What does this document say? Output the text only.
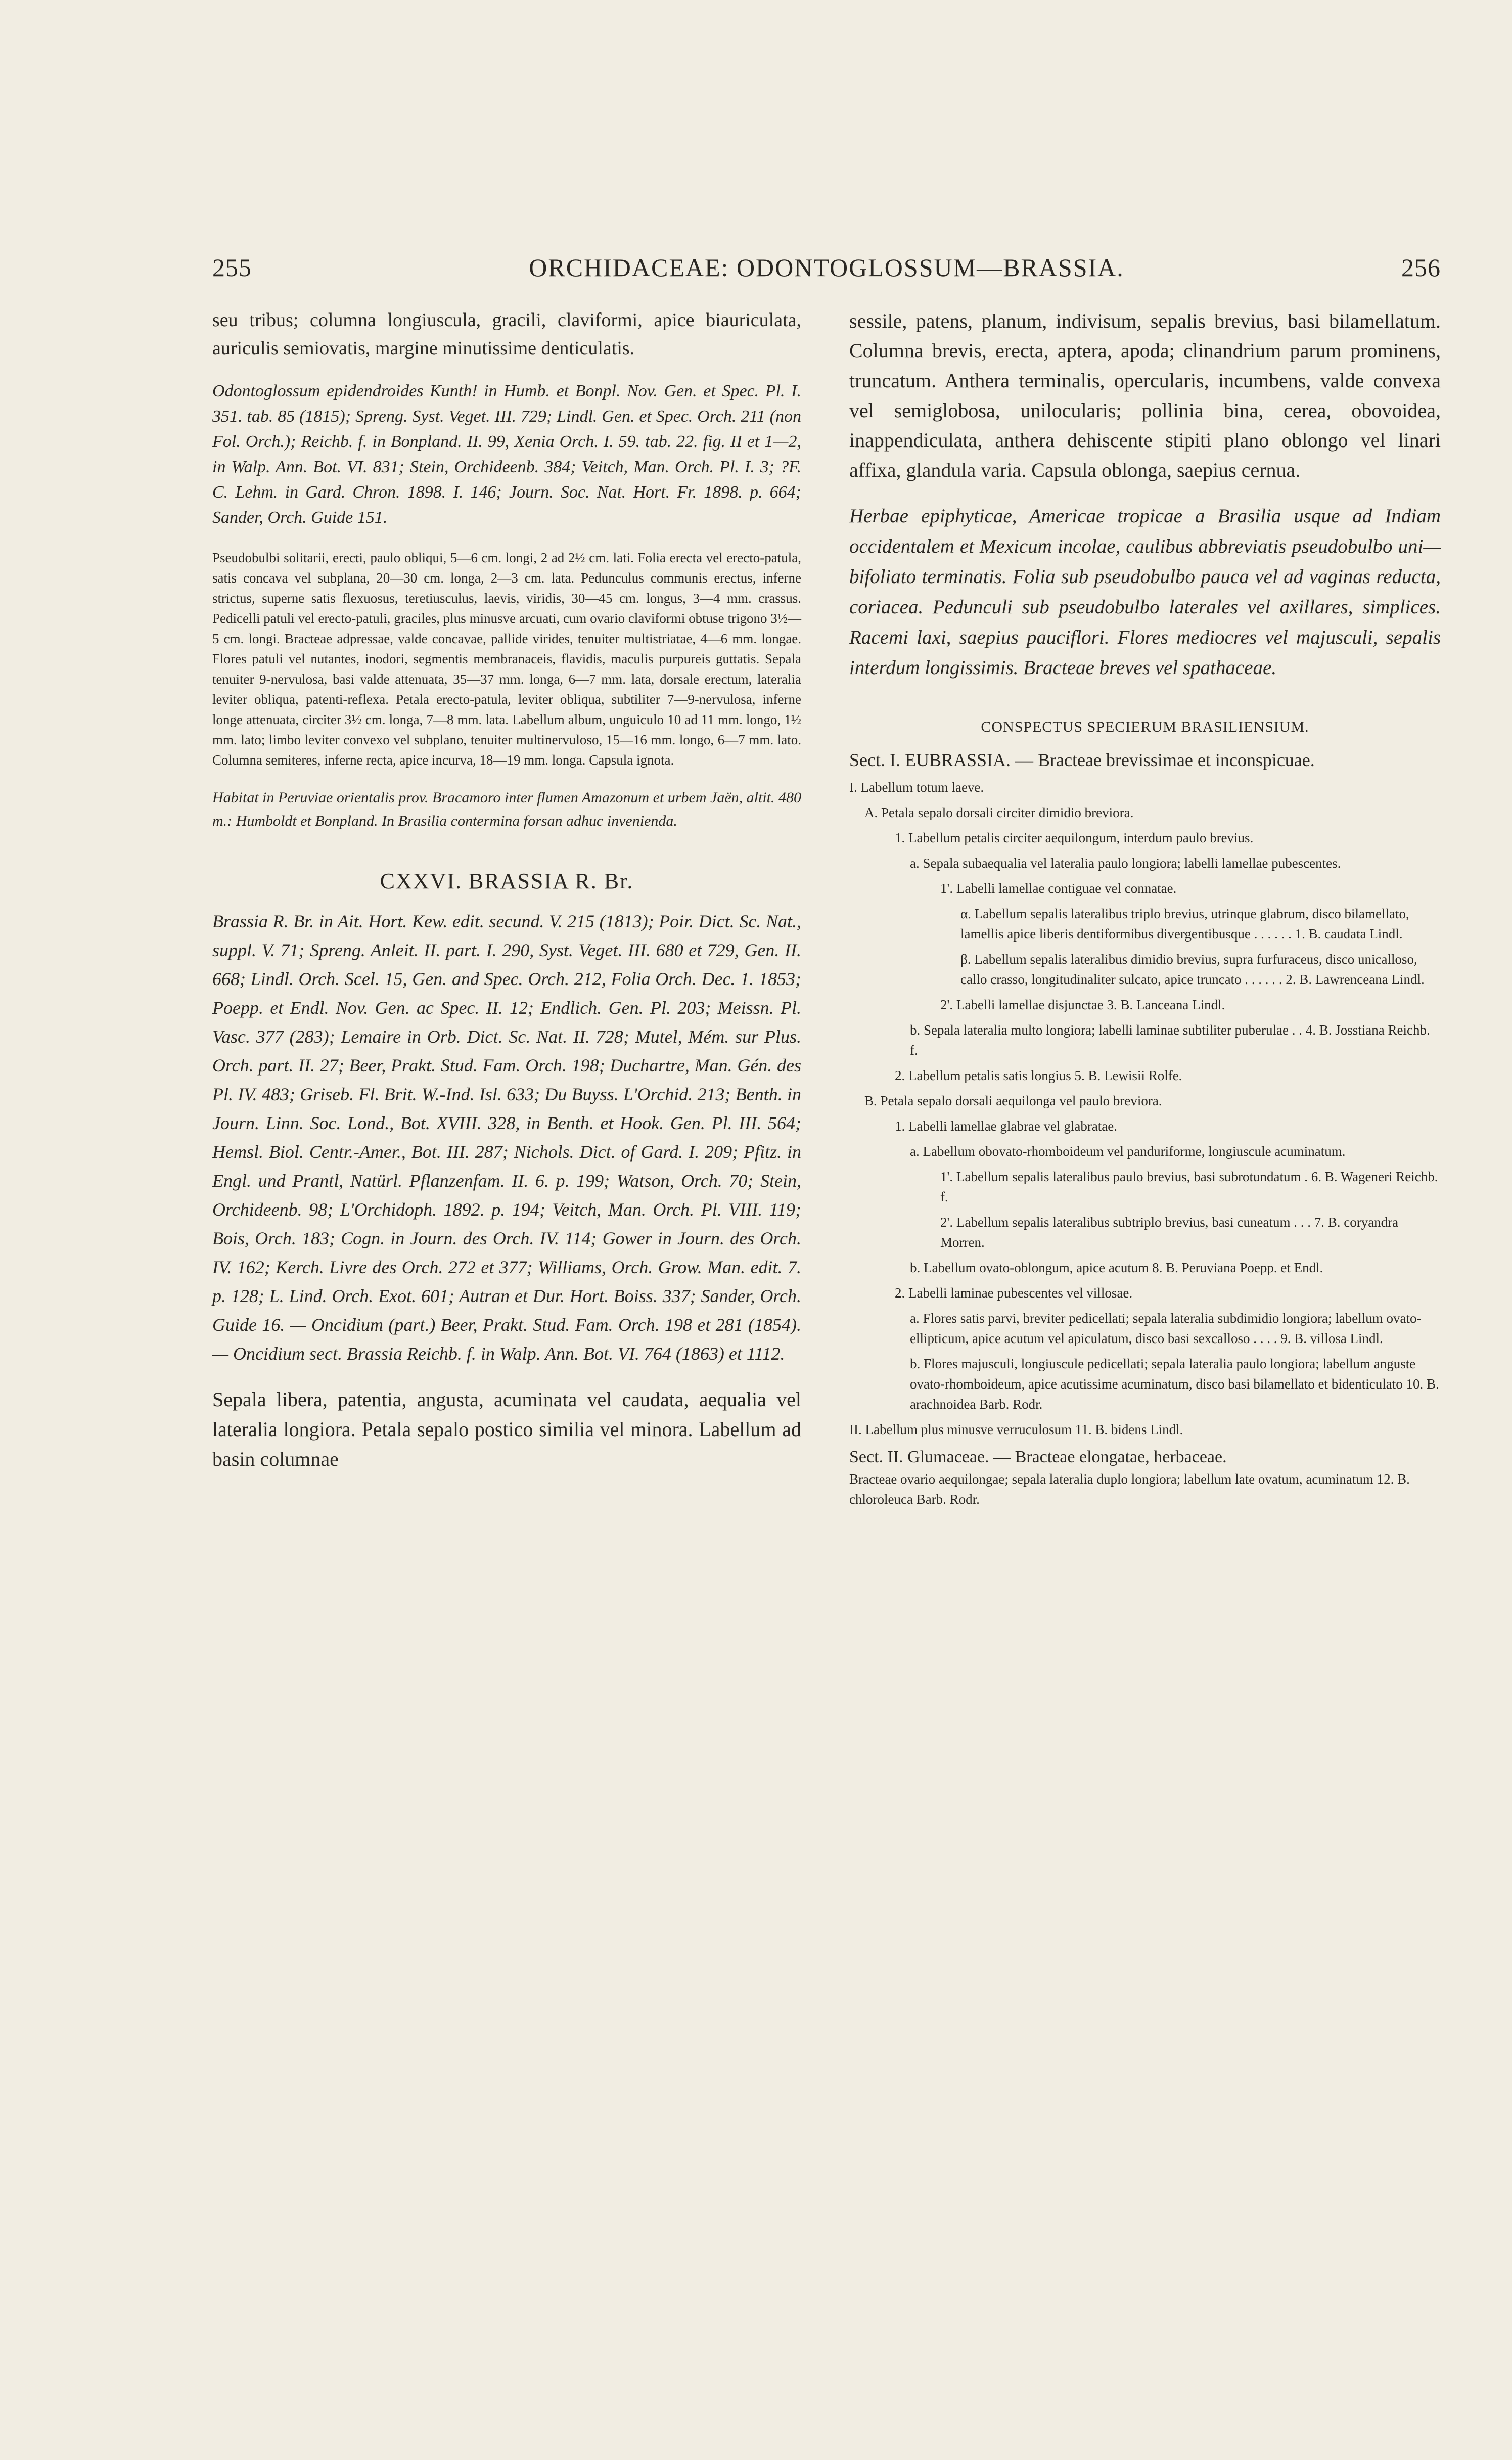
255	ORCHIDACEAE: ODONTOGLOSSUM—BRASSIA.	256

seu tribus; columna longiuscula, gracili, claviformi, apice biauriculata, auriculis semiovatis, margine minutissime denticulatis.

Odontoglossum epidendroides Kunth! in Humb. et Bonpl. Nov. Gen. et Spec. Pl. I. 351. tab. 85 (1815); Spreng. Syst. Veget. III. 729; Lindl. Gen. et Spec. Orch. 211 (non Fol. Orch.); Reichb. f. in Bonpland. II. 99, Xenia Orch. I. 59. tab. 22. fig. II et 1—2, in Walp. Ann. Bot. VI. 831; Stein, Orchideenb. 384; Veitch, Man. Orch. Pl. I. 3; ?F. C. Lehm. in Gard. Chron. 1898. I. 146; Journ. Soc. Nat. Hort. Fr. 1898. p. 664; Sander, Orch. Guide 151.

Pseudobulbi solitarii, erecti, paulo obliqui, 5—6 cm. longi, 2 ad 2½ cm. lati. Folia erecta vel erecto-patula, satis concava vel subplana, 20—30 cm. longa, 2—3 cm. lata. Pedunculus communis erectus, inferne strictus, superne satis flexuosus, teretiusculus, laevis, viridis, 30—45 cm. longus, 3—4 mm. crassus. Pedicelli patuli vel erecto-patuli, graciles, plus minusve arcuati, cum ovario claviformi obtuse trigono 3½—5 cm. longi. Bracteae adpressae, valde concavae, pallide virides, tenuiter multistriatae, 4—6 mm. longae. Flores patuli vel nutantes, inodori, segmentis membranaceis, flavidis, maculis purpureis guttatis. Sepala tenuiter 9-nervulosa, basi valde attenuata, 35—37 mm. longa, 6—7 mm. lata, dorsale erectum, lateralia leviter obliqua, patenti-reflexa. Petala erecto-patula, leviter obliqua, subtiliter 7—9-nervulosa, inferne longe attenuata, circiter 3½ cm. longa, 7—8 mm. lata. Labellum album, unguiculo 10 ad 11 mm. longo, 1½ mm. lato; limbo leviter convexo vel subplano, tenuiter multinervuloso, 15—16 mm. longo, 6—7 mm. lato. Columna semiteres, inferne recta, apice incurva, 18—19 mm. longa. Capsula ignota.

Habitat in Peruviae orientalis prov. Bracamoro inter flumen Amazonum et urbem Jaën, altit. 480 m.: Humboldt et Bonpland. In Brasilia contermina forsan adhuc invenienda.

CXXVI. BRASSIA R. Br.

Brassia R. Br. in Ait. Hort. Kew. edit. secund. V. 215 (1813); Poir. Dict. Sc. Nat., suppl. V. 71; Spreng. Anleit. II. part. I. 290, Syst. Veget. III. 680 et 729, Gen. II. 668; Lindl. Orch. Scel. 15, Gen. and Spec. Orch. 212, Folia Orch. Dec. 1. 1853; Poepp. et Endl. Nov. Gen. ac Spec. II. 12; Endlich. Gen. Pl. 203; Meissn. Pl. Vasc. 377 (283); Lemaire in Orb. Dict. Sc. Nat. II. 728; Mutel, Mém. sur Plus. Orch. part. II. 27; Beer, Prakt. Stud. Fam. Orch. 198; Duchartre, Man. Gén. des Pl. IV. 483; Griseb. Fl. Brit. W.-Ind. Isl. 633; Du Buyss. L'Orchid. 213; Benth. in Journ. Linn. Soc. Lond., Bot. XVIII. 328, in Benth. et Hook. Gen. Pl. III. 564; Hemsl. Biol. Centr.-Amer., Bot. III. 287; Nichols. Dict. of Gard. I. 209; Pfitz. in Engl. und Prantl, Natürl. Pflanzenfam. II. 6. p. 199; Watson, Orch. 70; Stein, Orchideenb. 98; L'Orchidoph. 1892. p. 194; Veitch, Man. Orch. Pl. VIII. 119; Bois, Orch. 183; Cogn. in Journ. des Orch. IV. 114; Gower in Journ. des Orch. IV. 162; Kerch. Livre des Orch. 272 et 377; Williams, Orch. Grow. Man. edit. 7. p. 128; L. Lind. Orch. Exot. 601; Autran et Dur. Hort. Boiss. 337; Sander, Orch. Guide 16. — Oncidium (part.) Beer, Prakt. Stud. Fam. Orch. 198 et 281 (1854). — Oncidium sect. Brassia Reichb. f. in Walp. Ann. Bot. VI. 764 (1863) et 1112.

Sepala libera, patentia, angusta, acuminata vel caudata, aequalia vel lateralia longiora. Petala sepalo postico similia vel minora. Labellum ad basin columnae

sessile, patens, planum, indivisum, sepalis brevius, basi bilamellatum. Columna brevis, erecta, aptera, apoda; clinandrium parum prominens, truncatum. Anthera terminalis, opercularis, incumbens, valde convexa vel semiglobosa, unilocularis; pollinia bina, cerea, obovoidea, inappendiculata, anthera dehiscente stipiti plano oblongo vel linari affixa, glandula varia. Capsula oblonga, saepius cernua.

Herbae epiphyticae, Americae tropicae a Brasilia usque ad Indiam occidentalem et Mexicum incolae, caulibus abbreviatis pseudobulbo uni—bifoliato terminatis. Folia sub pseudobulbo pauca vel ad vaginas reducta, coriacea. Pedunculi sub pseudobulbo laterales vel axillares, simplices. Racemi laxi, saepius pauciflori. Flores mediocres vel majusculi, sepalis interdum longissimis. Bracteae breves vel spathaceae.

CONSPECTUS SPECIERUM BRASILIENSIUM.

Sect. I. EUBRASSIA. — Bracteae brevissimae et inconspicuae.

I. Labellum totum laeve.

A. Petala sepalo dorsali circiter dimidio breviora.

1. Labellum petalis circiter aequilongum, interdum paulo brevius.

a. Sepala subaequalia vel lateralia paulo longiora; labelli lamellae pubescentes.

1'. Labelli lamellae contiguae vel connatae.

α. Labellum sepalis lateralibus triplo brevius, utrinque glabrum, disco bilamellato, lamellis apice liberis dentiformibus divergentibusque . . . . . . 1. B. caudata Lindl.

β. Labellum sepalis lateralibus dimidio brevius, supra furfuraceus, disco unicalloso, callo crasso, longitudinaliter sulcato, apice truncato . . . . . . 2. B. Lawrenceana Lindl.

2'. Labelli lamellae disjunctae 3. B. Lanceana Lindl.

b. Sepala lateralia multo longiora; labelli laminae subtiliter puberulae . . 4. B. Josstiana Reichb. f.

2. Labellum petalis satis longius 5. B. Lewisii Rolfe.

B. Petala sepalo dorsali aequilonga vel paulo breviora.

1. Labelli lamellae glabrae vel glabratae.

a. Labellum obovato-rhomboideum vel panduriforme, longiuscule acuminatum.

1'. Labellum sepalis lateralibus paulo brevius, basi subrotundatum . 6. B. Wageneri Reichb. f.

2'. Labellum sepalis lateralibus subtriplo brevius, basi cuneatum . . . 7. B. coryandra Morren.

b. Labellum ovato-oblongum, apice acutum 8. B. Peruviana Poepp. et Endl.

2. Labelli laminae pubescentes vel villosae.

a. Flores satis parvi, breviter pedicellati; sepala lateralia subdimidio longiora; labellum ovato-ellipticum, apice acutum vel apiculatum, disco basi sexcalloso . . . . 9. B. villosa Lindl.

b. Flores majusculi, longiuscule pedicellati; sepala lateralia paulo longiora; labellum anguste ovato-rhomboideum, apice acutissime acuminatum, disco basi bilamellato et bidenticulato 10. B. arachnoidea Barb. Rodr.

II. Labellum plus minusve verruculosum 11. B. bidens Lindl.

Sect. II. Glumaceae. — Bracteae elongatae, herbaceae.

Bracteae ovario aequilongae; sepala lateralia duplo longiora; labellum late ovatum, acuminatum 12. B. chloroleuca Barb. Rodr.
